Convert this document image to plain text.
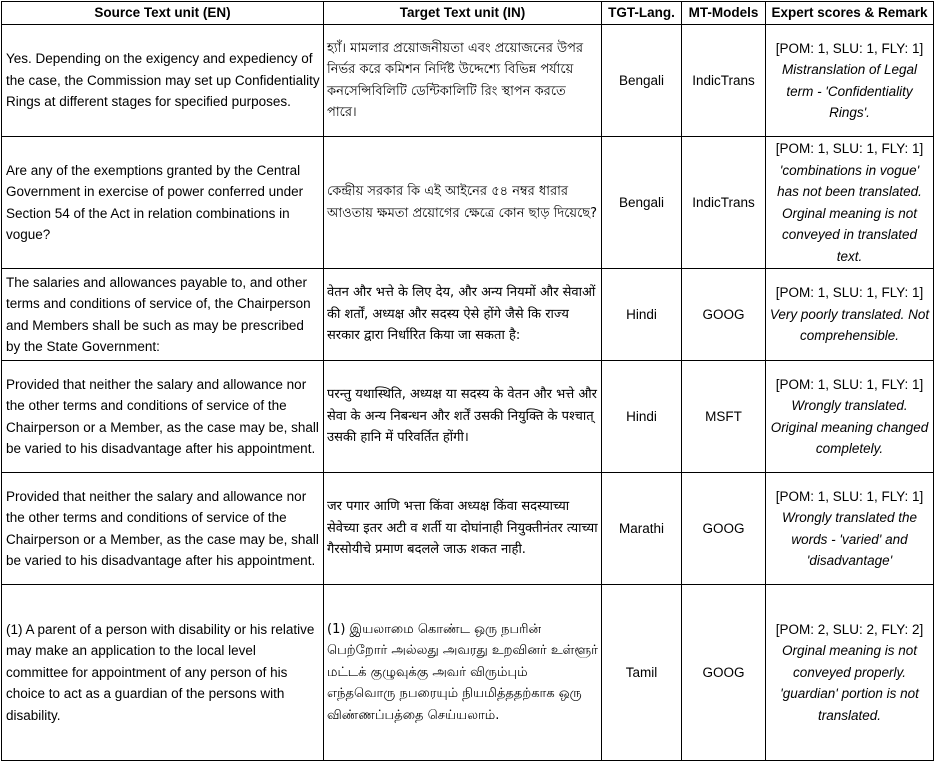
Source Text unit (EN)	Target Text unit (IN)	TGT-Lang.	MT-Models	Expert scores & Remark
Yes. Depending on the exigency and expediency of the case, the Commission may set up Confidentiality Rings at different stages for specified purposes.	হ্যাঁ। মামলার প্রয়োজনীয়তা এবং প্রয়োজনের উপর নির্ভর করে কমিশন নির্দিষ্ট উদ্দেশ্যে বিভিন্ন পর্যায়ে কনসেন্সিবিলিটি ডেন্টিকালিটি রিং স্থাপন করতে পারে।	Bengali	IndicTrans	[POM: 1, SLU: 1, FLY: 1]
Mistranslation of Legal term - 'Confidentiality Rings'.

Are any of the exemptions granted by the Central Government in exercise of power conferred under Section 54 of the Act in relation combinations in vogue?	কেন্দ্রীয় সরকার কি এই আইনের ৫৪ নম্বর ধারার আওতায় ক্ষমতা প্রয়োগের ক্ষেত্রে কোন ছাড় দিয়েছে?	Bengali	IndicTrans	[POM: 1, SLU: 1, FLY: 1]
'combinations in vogue' has not been translated. Orginal meaning is not conveyed in translated text.

The salaries and allowances payable to, and other terms and conditions of service of, the Chairperson and Members shall be such as may be prescribed by the State Government:	वेतन और भत्ते के लिए देय, और अन्य नियमों और सेवाओं की शर्तों, अध्यक्ष और सदस्य ऐसे होंगे जैसे कि राज्य सरकार द्वारा निर्धारित किया जा सकता है:	Hindi	GOOG	[POM: 1, SLU: 1, FLY: 1]
Very poorly translated. Not comprehensible.

Provided that neither the salary and allowance nor the other terms and conditions of service of the Chairperson or a Member, as the case may be, shall be varied to his disadvantage after his appointment.	परन्तु यथास्थिति, अध्यक्ष या सदस्य के वेतन और भत्ते और सेवा के अन्य निबन्धन और शर्तें उसकी नियुक्ति के पश्चात् उसकी हानि में परिवर्तित होंगी।	Hindi	MSFT	[POM: 1, SLU: 1, FLY: 1]
Wrongly translated. Original meaning changed completely.

Provided that neither the salary and allowance nor the other terms and conditions of service of the Chairperson or a Member, as the case may be, shall be varied to his disadvantage after his appointment.	जर पगार आणि भत्ता किंवा अध्यक्ष किंवा सदस्याच्या सेवेच्या इतर अटी व शर्ती या दोघांनाही नियुक्तीनंतर त्याच्या गैरसोयीचे प्रमाण बदलले जाऊ शकत नाही.	Marathi	GOOG	[POM: 1, SLU: 1, FLY: 1]
Wrongly translated the words - 'varied' and 'disadvantage'

(1) A parent of a person with disability or his relative may make an application to the local level committee for appointment of any person of his choice to act as a guardian of the persons with disability.	(1) இயலாமை கொண்ட ஒரு நபரின் பெற்றோர் அல்லது அவரது உறவினர் உள்ளூர் மட்டக் குழுவுக்கு அவர் விரும்பும் எந்தவொரு நபரையும் நியமித்ததற்காக ஒரு விண்ணப்பத்தை செய்யலாம்.	Tamil	GOOG	[POM: 2, SLU: 2, FLY: 2]
Orginal meaning is not conveyed properly. 'guardian' portion is not translated.
